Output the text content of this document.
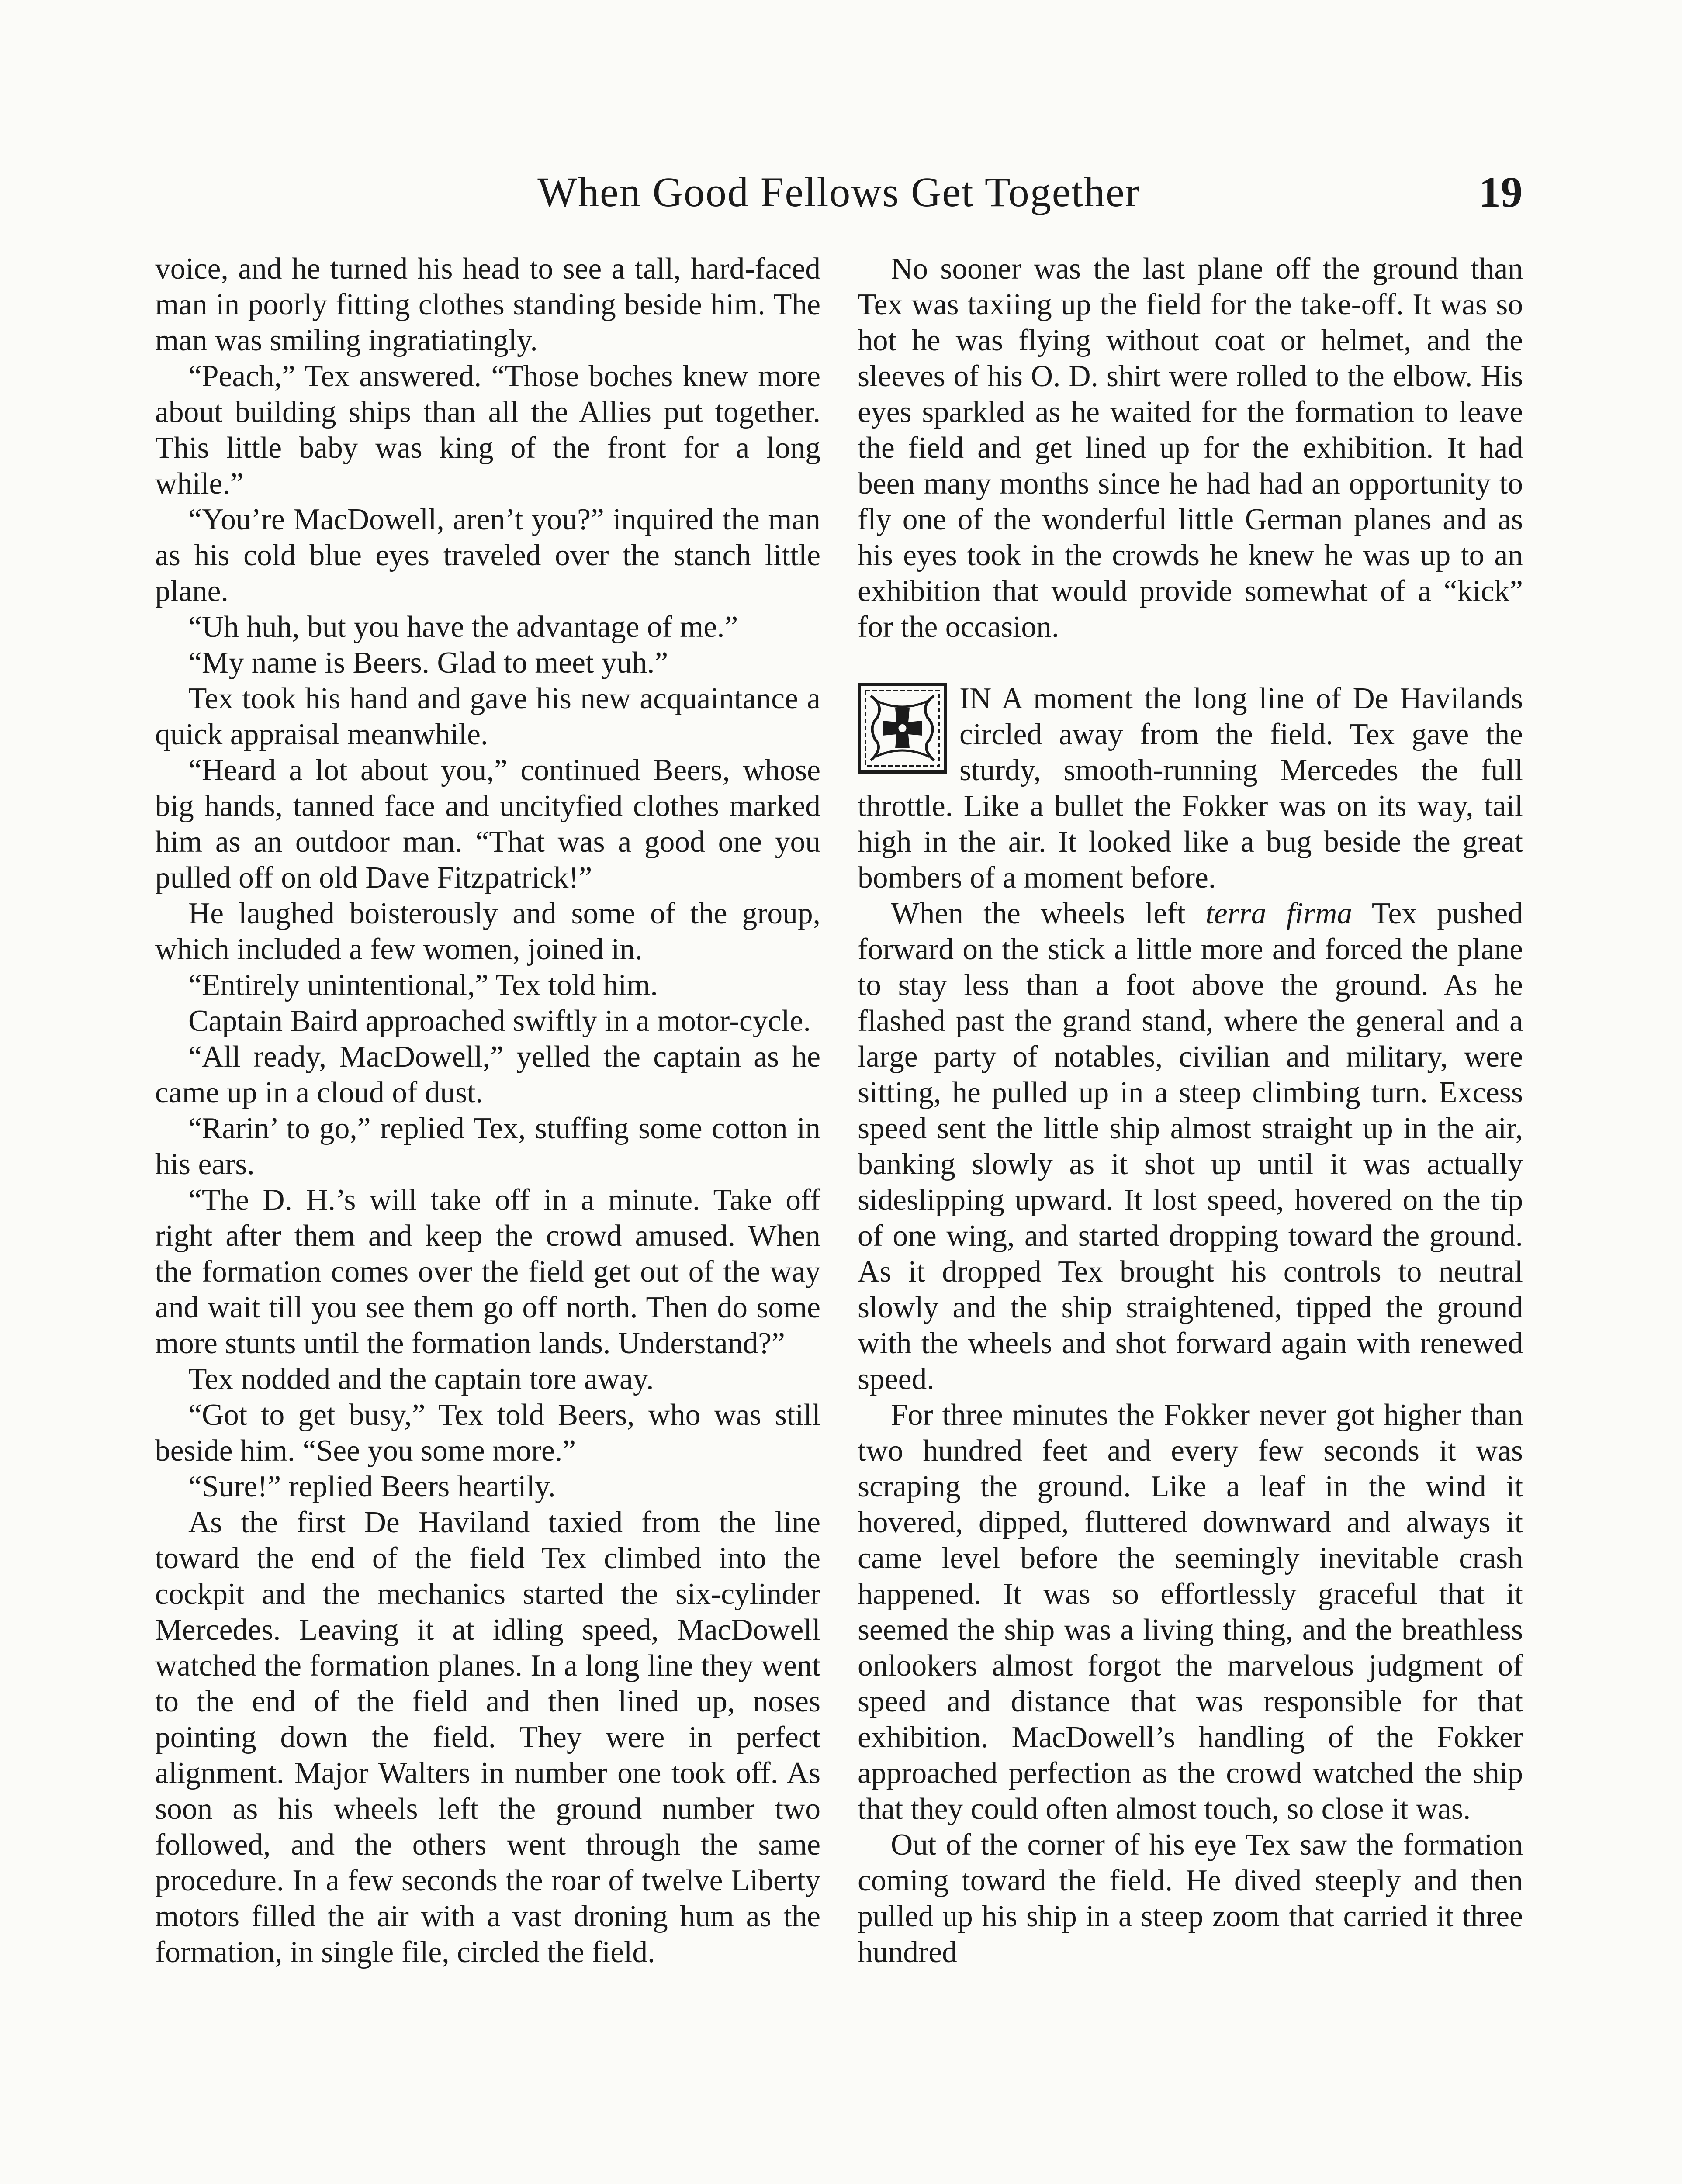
When Good Fellows Get Together	19

voice, and he turned his head to see a tall, hard-faced man in poorly fitting clothes standing beside him. The man was smiling ingratiatingly.

“Peach,” Tex answered. “Those boches knew more about building ships than all the Allies put together. This little baby was king of the front for a long while.”

“You’re MacDowell, aren’t you?” inquired the man as his cold blue eyes traveled over the stanch little plane.

“Uh huh, but you have the advantage of me.”

“My name is Beers. Glad to meet yuh.”

Tex took his hand and gave his new acquaintance a quick appraisal meanwhile.

“Heard a lot about you,” continued Beers, whose big hands, tanned face and uncityfied clothes marked him as an outdoor man. “That was a good one you pulled off on old Dave Fitzpatrick!”

He laughed boisterously and some of the group, which included a few women, joined in.

“Entirely unintentional,” Tex told him.

Captain Baird approached swiftly in a motor-cycle.

“All ready, MacDowell,” yelled the captain as he came up in a cloud of dust.

“Rarin’ to go,” replied Tex, stuffing some cotton in his ears.

“The D. H.’s will take off in a minute. Take off right after them and keep the crowd amused. When the formation comes over the field get out of the way and wait till you see them go off north. Then do some more stunts until the formation lands. Understand?”

Tex nodded and the captain tore away.

“Got to get busy,” Tex told Beers, who was still beside him. “See you some more.”

“Sure!” replied Beers heartily.

As the first De Haviland taxied from the line toward the end of the field Tex climbed into the cockpit and the mechanics started the six-cylinder Mercedes. Leaving it at idling speed, MacDowell watched the formation planes. In a long line they went to the end of the field and then lined up, noses pointing down the field. They were in perfect alignment. Major Walters in number one took off. As soon as his wheels left the ground number two followed, and the others went through the same procedure. In a few seconds the roar of twelve Liberty motors filled the air with a vast droning hum as the formation, in single file, circled the field.

No sooner was the last plane off the ground than Tex was taxiing up the field for the take-off. It was so hot he was flying without coat or helmet, and the sleeves of his O. D. shirt were rolled to the elbow. His eyes sparkled as he waited for the formation to leave the field and get lined up for the exhibition. It had been many months since he had had an opportunity to fly one of the wonderful little German planes and as his eyes took in the crowds he knew he was up to an exhibition that would provide somewhat of a “kick” for the occasion.

IN A moment the long line of De Havilands circled away from the field. Tex gave the sturdy, smooth-running Mercedes the full throttle. Like a bullet the Fokker was on its way, tail high in the air. It looked like a bug beside the great bombers of a moment before.

When the wheels left terra firma Tex pushed forward on the stick a little more and forced the plane to stay less than a foot above the ground. As he flashed past the grand stand, where the general and a large party of notables, civilian and military, were sitting, he pulled up in a steep climbing turn. Excess speed sent the little ship almost straight up in the air, banking slowly as it shot up until it was actually sideslipping upward. It lost speed, hovered on the tip of one wing, and started dropping toward the ground. As it dropped Tex brought his controls to neutral slowly and the ship straightened, tipped the ground with the wheels and shot forward again with renewed speed.

For three minutes the Fokker never got higher than two hundred feet and every few seconds it was scraping the ground. Like a leaf in the wind it hovered, dipped, fluttered downward and always it came level before the seemingly inevitable crash happened. It was so effortlessly graceful that it seemed the ship was a living thing, and the breathless onlookers almost forgot the marvelous judgment of speed and distance that was responsible for that exhibition. MacDowell’s handling of the Fokker approached perfection as the crowd watched the ship that they could often almost touch, so close it was.

Out of the corner of his eye Tex saw the formation coming toward the field. He dived steeply and then pulled up his ship in a steep zoom that carried it three hundred
